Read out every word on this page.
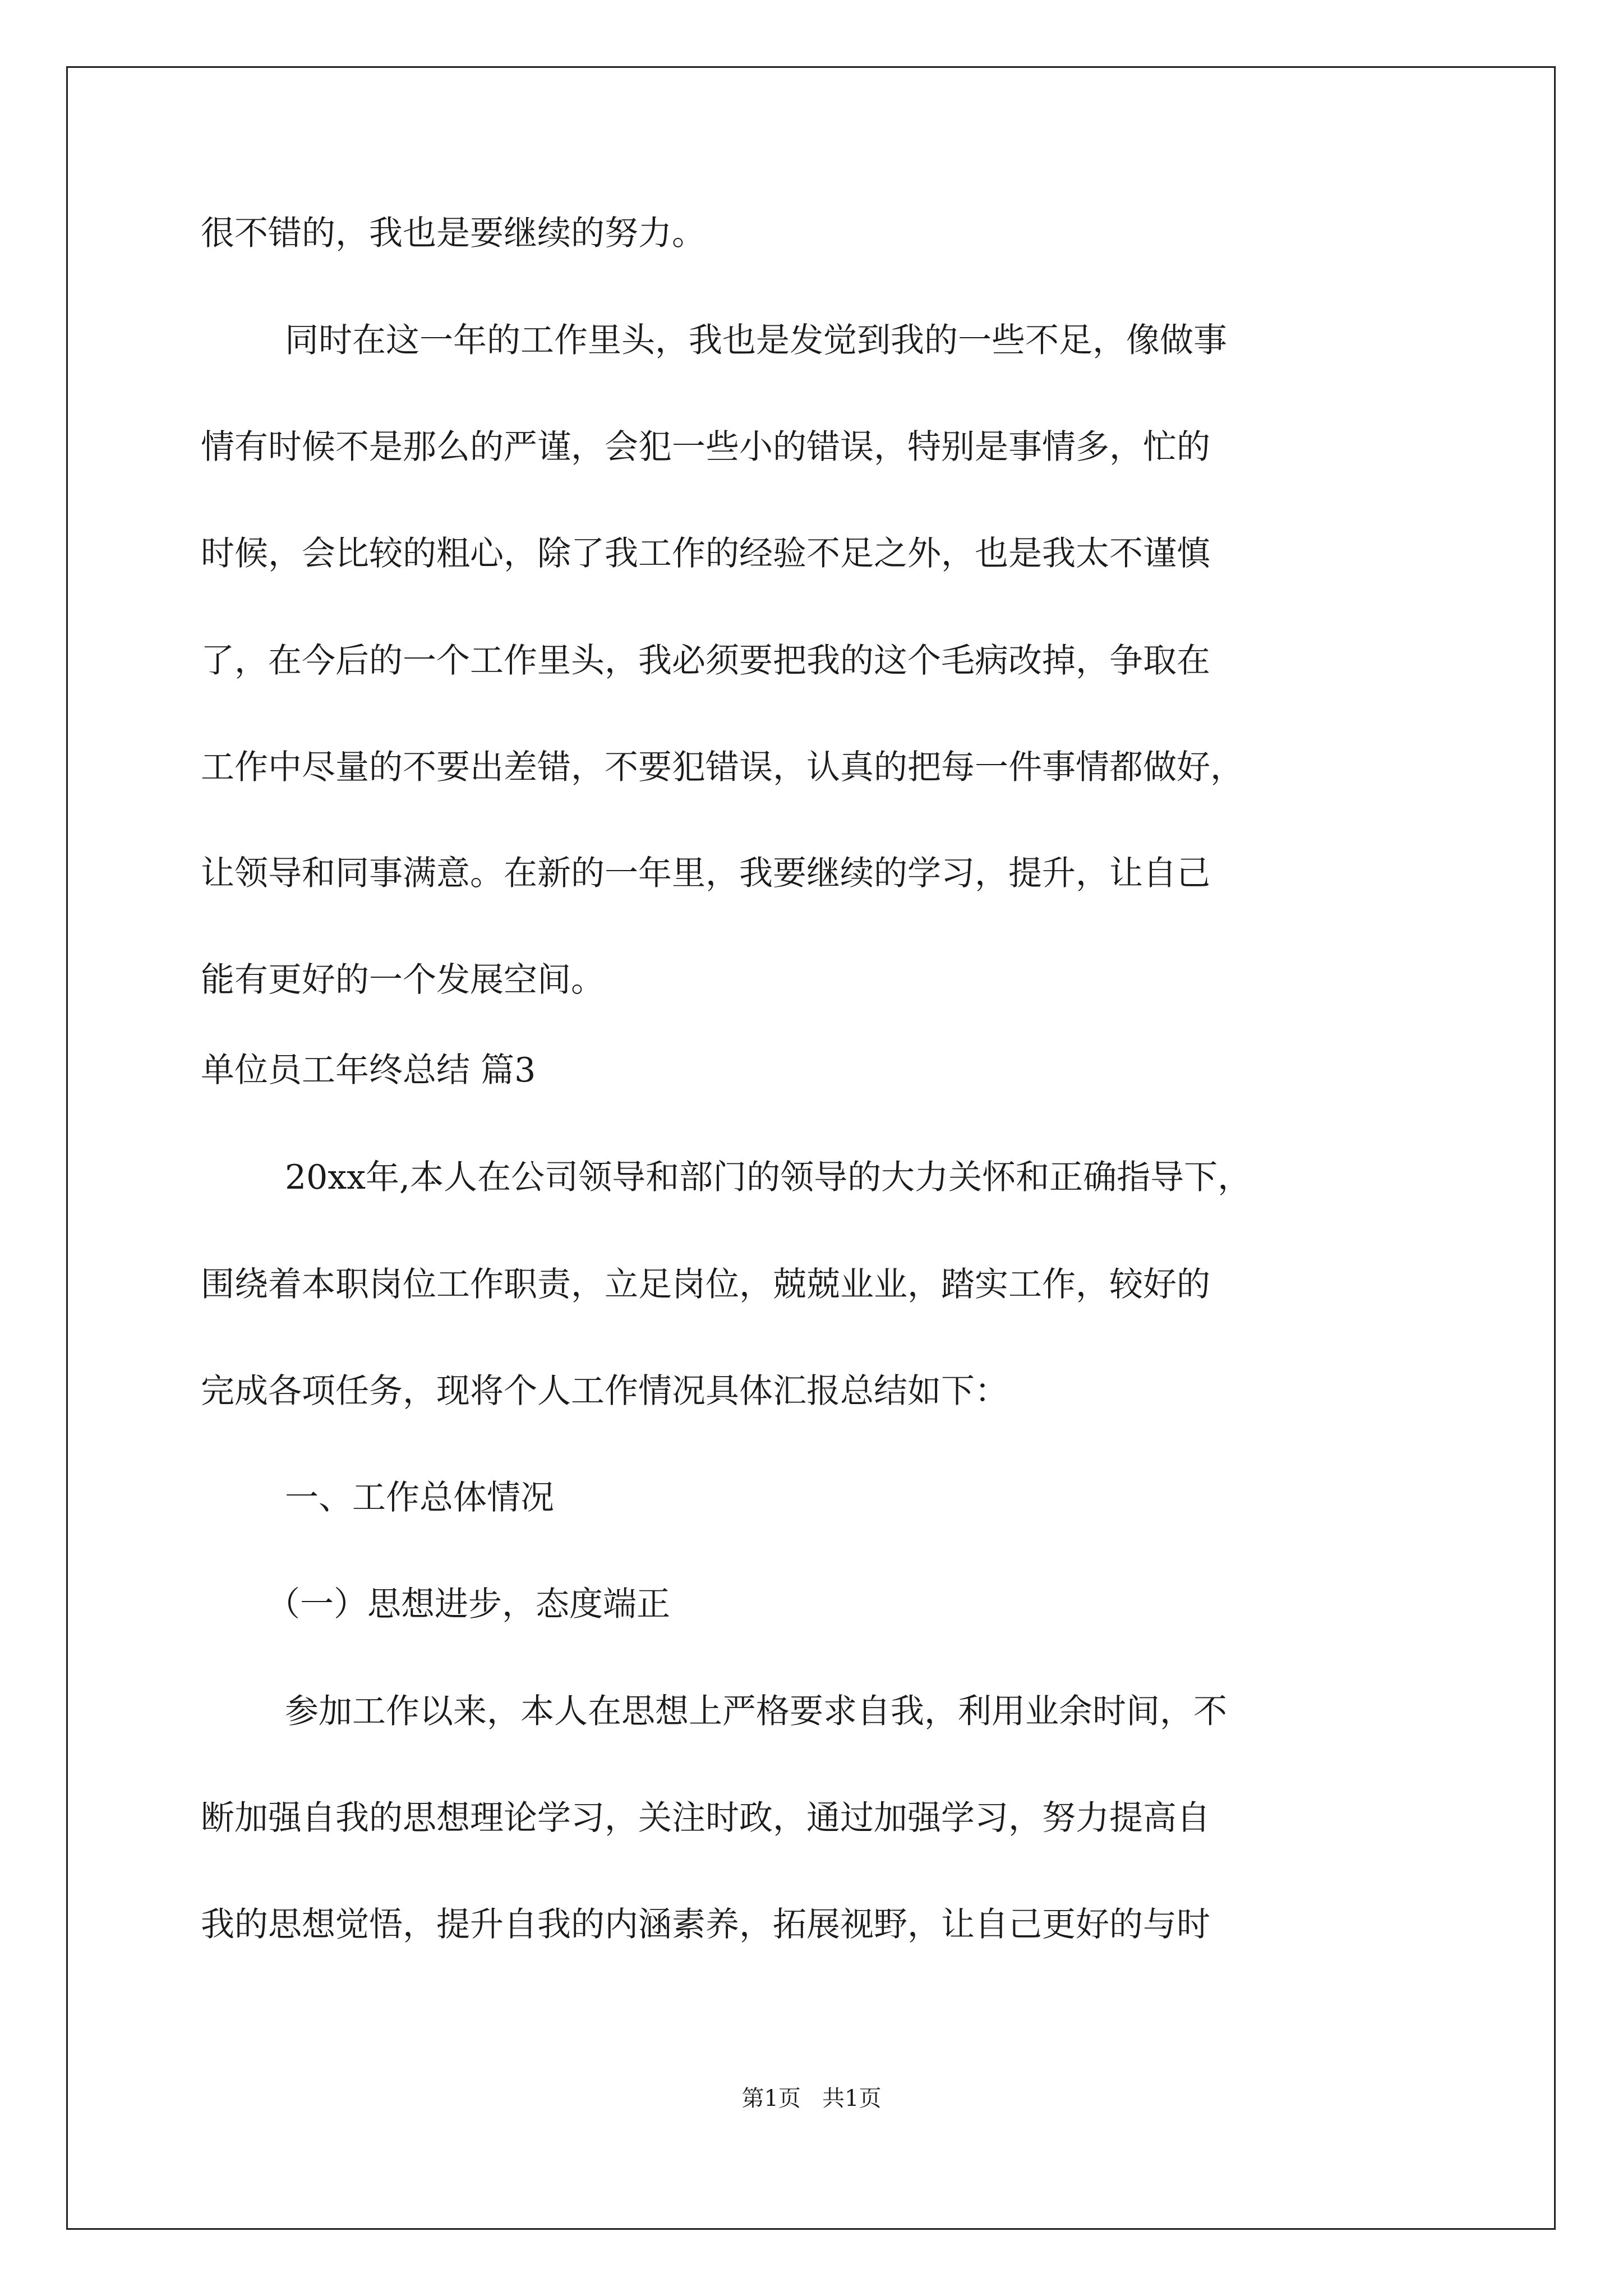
很不错的，我也是要继续的努力。
同时在这一年的工作里头，我也是发觉到我的一些不足，像做事
情有时候不是那么的严谨，会犯一些小的错误，特别是事情多，忙的
时候，会比较的粗心，除了我工作的经验不足之外，也是我太不谨慎
了，在今后的一个工作里头，我必须要把我的这个毛病改掉，争取在
工作中尽量的不要出差错，不要犯错误，认真的把每一件事情都做好，
让领导和同事满意。在新的一年里，我要继续的学习，提升，让自己
能有更好的一个发展空间。
单位员工年终总结 篇3
20xx年,本人在公司领导和部门的领导的大力关怀和正确指导下，
围绕着本职岗位工作职责，立足岗位，兢兢业业，踏实工作，较好的
完成各项任务，现将个人工作情况具体汇报总结如下：
一、工作总体情况
（一）思想进步，态度端正
参加工作以来，本人在思想上严格要求自我，利用业余时间，不
断加强自我的思想理论学习，关注时政，通过加强学习，努力提高自
我的思想觉悟，提升自我的内涵素养，拓展视野，让自己更好的与时
第1页   共1页
